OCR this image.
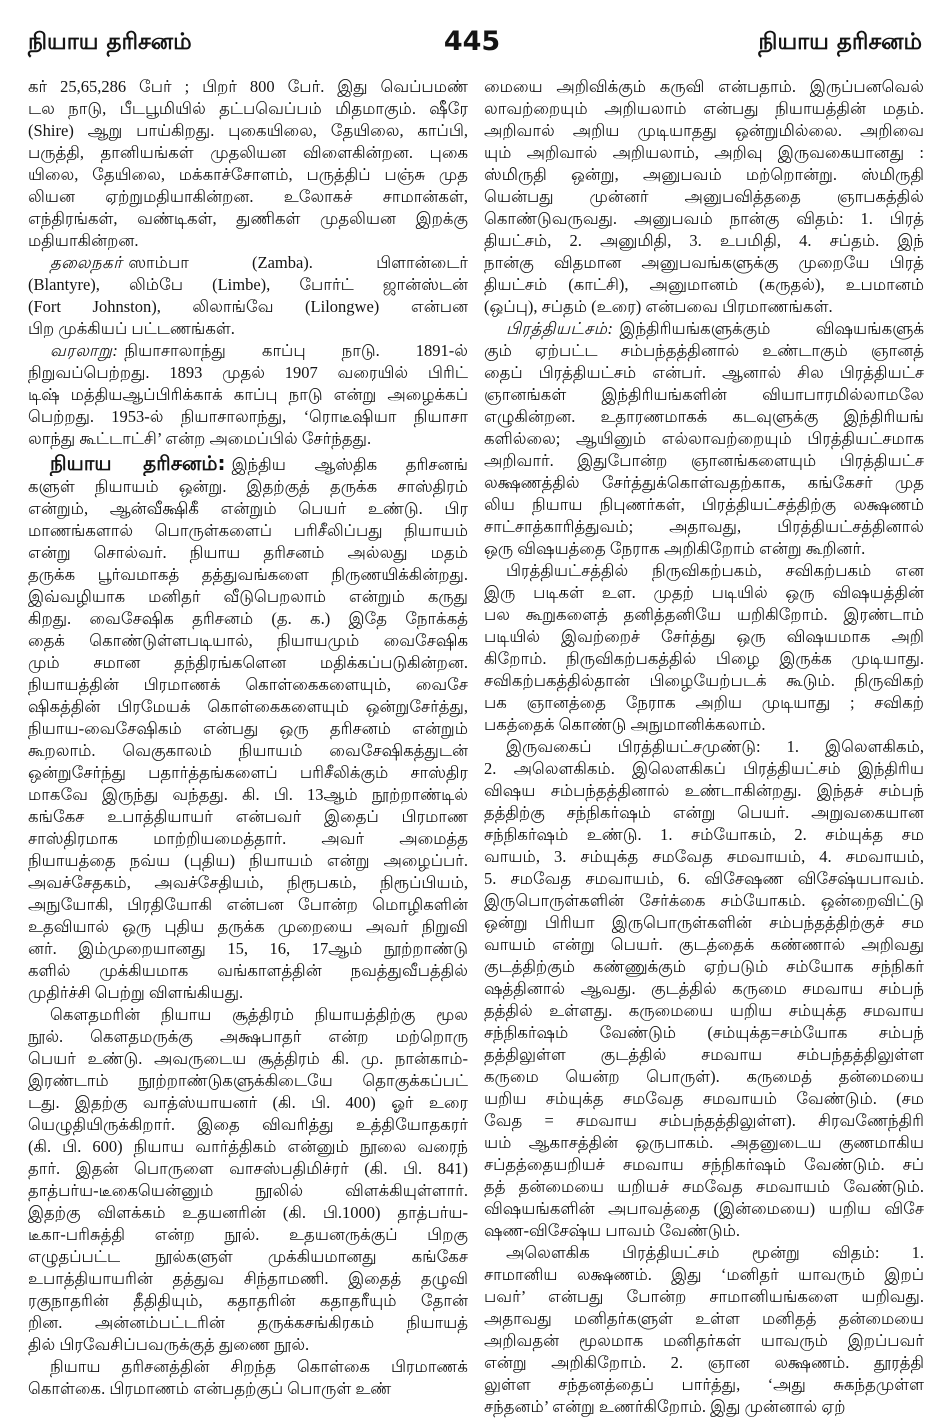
நியாய தரிசனம்	445	நியாய தரிசனம்
கர் 25,65,286 பேர் ; பிறர் 800 பேர். இது வெப்பமண்
டல நாடு, பீடபூமியில் தட்பவெப்பம் மிதமாகும். ஷீரே
(Shire) ஆறு பாய்கிறது. புகையிலை, தேயிலை, காப்பி,
பருத்தி, தானியங்கள் முதலியன விளைகின்றன. புகை
யிலை, தேயிலை, மக்காச்சோளம், பருத்திப் பஞ்சு முத
லியன ஏற்றுமதியாகின்றன. உலோகச் சாமான்கள்,
எந்திரங்கள், வண்டிகள், துணிகள் முதலியன இறக்கு
மதியாகின்றன.
தலைநகர் ஸாம்பா (Zamba). பிளான்டைர்
(Blantyre), லிம்பே (Limbe), போர்ட் ஜான்ஸ்டன்
(Fort Johnston), லிலாங்வே (Lilongwe) என்பன
பிற முக்கியப் பட்டணங்கள்.
வரலாறு: நியாசாலாந்து காப்பு நாடு. 1891-ல்
நிறுவப்பெற்றது. 1893 முதல் 1907 வரையில் பிரிட்
டிஷ் மத்தியஆப்பிரிக்காக் காப்பு நாடு என்று அழைக்கப்
பெற்றது. 1953-ல் நியாசாலாந்து, ‘ரொடீஷியா நியாசா
லாந்து கூட்டாட்சி’ என்ற அமைப்பில் சேர்ந்தது.
நியாய தரிசனம்: இந்திய ஆஸ்திக தரிசனங்
களுள் நியாயம் ஒன்று. இதற்குத் தருக்க சாஸ்திரம்
என்றும், ஆன்வீக்ஷிகீ என்றும் பெயர் உண்டு. பிர
மாணங்களால் பொருள்களைப் பரிசீலிப்பது நியாயம்
என்று சொல்வர். நியாய தரிசனம் அல்லது மதம்
தருக்க பூர்வமாகத் தத்துவங்களை நிருணயிக்கின்றது.
இவ்வழியாக மனிதர் வீடுபெறலாம் என்றும் கருது
கிறது. வைசேஷிக தரிசனம் (த. க.) இதே நோக்கத்
தைக் கொண்டுள்ளபடியால், நியாயமும் வைசேஷிக
மும் சமான தந்திரங்களென மதிக்கப்படுகின்றன.
நியாயத்தின் பிரமாணக் கொள்கைகளையும், வைசே
ஷிகத்தின் பிரமேயக் கொள்கைகளையும் ஒன்றுசேர்த்து,
நியாய-வைசேஷிகம் என்பது ஒரு தரிசனம் என்றும்
கூறலாம். வெகுகாலம் நியாயம் வைசேஷிகத்துடன்
ஒன்றுசேர்ந்து பதார்த்தங்களைப் பரிசீலிக்கும் சாஸ்திர
மாகவே இருந்து வந்தது. கி. பி. 13ஆம் நூற்றாண்டில்
கங்கேச உபாத்தியாயர் என்பவர் இதைப் பிரமாண
சாஸ்திரமாக மாற்றியமைத்தார். அவர் அமைத்த
நியாயத்தை நவ்ய (புதிய) நியாயம் என்று அழைப்பர்.
அவச்சேதகம், அவச்சேதியம், நிரூபகம், நிரூப்பியம்,
அநுயோகி, பிரதியோகி என்பன போன்ற மொழிகளின்
உதவியால் ஒரு புதிய தருக்க முறையை அவர் நிறுவி
னர். இம்முறையானது 15, 16, 17ஆம் நூற்றாண்டு
களில் முக்கியமாக வங்காளத்தின் நவத்துவீபத்தில்
முதிர்ச்சி பெற்று விளங்கியது.
கௌதமரின் நியாய சூத்திரம் நியாயத்திற்கு மூல
நூல். கௌதமருக்கு அக்ஷபாதர் என்ற மற்றொரு
பெயர் உண்டு. அவருடைய சூத்திரம் கி. மு. நான்காம்-
இரண்டாம் நூற்றாண்டுகளுக்கிடையே தொகுக்கப்பட்
டது. இதற்கு வாத்ஸ்யாயனர் (கி. பி. 400) ஓர் உரை
யெழுதியிருக்கிறார். இதை விவரித்து உத்தியோதகரர்
(கி. பி. 600) நியாய வார்த்திகம் என்னும் நூலை வரைந்
தார். இதன் பொருளை வாசஸ்பதிமிச்ரர் (கி. பி. 841)
தாத்பர்ய-டீகையென்னும் நூலில் விளக்கியுள்ளார்.
இதற்கு விளக்கம் உதயனரின் (கி. பி.1000) தாத்பர்ய-
டீகா-பரிசுத்தி என்ற நூல். உதயனருக்குப் பிறகு
எழுதப்பட்ட நூல்களுள் முக்கியமானது கங்கேச
உபாத்தியாயரின் தத்துவ சிந்தாமணி. இதைத் தழுவி
ரகுநாதரின் தீதிதியும், கதாதரின் கதாதரீயும் தோன்
றின. அன்னம்பட்டரின் தருக்கசங்கிரகம் நியாயத்
தில் பிரவேசிப்பவருக்குத் துணை நூல்.
நியாய தரிசனத்தின் சிறந்த கொள்கை பிரமாணக்
கொள்கை. பிரமாணம் என்பதற்குப் பொருள் உண்
மையை அறிவிக்கும் கருவி என்பதாம். இருப்பனவெல்
லாவற்றையும் அறியலாம் என்பது நியாயத்தின் மதம்.
அறிவால் அறிய முடியாதது ஒன்றுமில்லை. அறிவை
யும் அறிவால் அறியலாம், அறிவு இருவகையானது :
ஸ்மிருதி ஒன்று, அனுபவம் மற்றொன்று. ஸ்மிருதி
யென்பது முன்னர் அனுபவித்ததை ஞாபகத்தில்
கொண்டுவருவது. அனுபவம் நான்கு விதம்: 1. பிரத்
தியட்சம், 2. அனுமிதி, 3. உபமிதி, 4. சப்தம். இந்
நான்கு விதமான அனுபவங்களுக்கு முறையே பிரத்
தியட்சம் (காட்சி), அனுமானம் (கருதல்), உபமானம்
(ஒப்பு), சப்தம் (உரை) என்பவை பிரமாணங்கள்.
பிரத்தியட்சம்: இந்திரியங்களுக்கும் விஷயங்களுக்
கும் ஏற்பட்ட சம்பந்தத்தினால் உண்டாகும் ஞானத்
தைப் பிரத்தியட்சம் என்பர். ஆனால் சில பிரத்தியட்ச
ஞானங்கள் இந்திரியங்களின் வியாபாரமில்லாமலே
எழுகின்றன. உதாரணமாகக் கடவுளுக்கு இந்திரியங்
களில்லை; ஆயினும் எல்லாவற்றையும் பிரத்தியட்சமாக
அறிவார். இதுபோன்ற ஞானங்களையும் பிரத்தியட்ச
லக்ஷணத்தில் சேர்த்துக்கொள்வதற்காக, கங்கேசர் முத
லிய நியாய நிபுணர்கள், பிரத்தியட்சத்திற்கு லக்ஷணம்
சாட்சாத்காரித்துவம்; அதாவது, பிரத்தியட்சத்தினால்
ஒரு விஷயத்தை நேராக அறிகிறோம் என்று கூறினர்.
பிரத்தியட்சத்தில் நிருவிகற்பகம், சவிகற்பகம் என
இரு படிகள் உள. முதற் படியில் ஒரு விஷயத்தின்
பல கூறுகளைத் தனித்தனியே யறிகிறோம். இரண்டாம்
படியில் இவற்றைச் சேர்த்து ஒரு விஷயமாக அறி
கிறோம். நிருவிகற்பகத்தில் பிழை இருக்க முடியாது.
சவிகற்பகத்தில்தான் பிழையேற்படக் கூடும். நிருவிகற்
பக ஞானத்தை நேராக அறிய முடியாது ; சவிகற்
பகத்தைக் கொண்டு அநுமானிக்கலாம்.
இருவகைப் பிரத்தியட்சமுண்டு: 1. இலௌகிகம்,
2. அலௌகிகம். இலௌகிகப் பிரத்தியட்சம் இந்திரிய
விஷய சம்பந்தத்தினால் உண்டாகின்றது. இந்தச் சம்பந்
தத்திற்கு சந்நிகர்ஷம் என்று பெயர். அறுவகையான
சந்நிகர்ஷம் உண்டு. 1. சம்யோகம், 2. சம்யுக்த சம
வாயம், 3. சம்யுக்த சமவேத சமவாயம், 4. சமவாயம்,
5. சமவேத சமவாயம், 6. விசேஷண விசேஷ்யபாவம்.
இருபொருள்களின் சேர்க்கை சம்யோகம். ஒன்றைவிட்டு
ஒன்று பிரியா இருபொருள்களின் சம்பந்தத்திற்குச் சம
வாயம் என்று பெயர். குடத்தைக் கண்ணால் அறிவது
குடத்திற்கும் கண்ணுக்கும் ஏற்படும் சம்யோக சந்நிகர்
ஷத்தினால் ஆவது. குடத்தில் கருமை சமவாய சம்பந்
தத்தில் உள்ளது. கருமையை யறிய சம்யுக்த சமவாய
சந்நிகர்ஷம் வேண்டும் (சம்யுக்த=சம்யோக சம்பந்
தத்திலுள்ள குடத்தில் சமவாய சம்பந்தத்திலுள்ள
கருமை யென்ற பொருள்). கருமைத் தன்மையை
யறிய சம்யுக்த சமவேத சமவாயம் வேண்டும். (சம
வேத = சமவாய சம்பந்தத்திலுள்ள). சிரவணேந்திரி
யம் ஆகாசத்தின் ஒருபாகம். அதனுடைய குணமாகிய
சப்தத்தையறியச் சமவாய சந்நிகர்ஷம் வேண்டும். சப்
தத் தன்மையை யறியச் சமவேத சமவாயம் வேண்டும்.
விஷயங்களின் அபாவத்தை (இன்மையை) யறிய விசே
ஷண-விசேஷ்ய பாவம் வேண்டும்.
அலௌகிக பிரத்தியட்சம் மூன்று விதம்: 1.
சாமானிய லக்ஷணம். இது ‘மனிதர் யாவரும் இறப்
பவர்’ என்பது போன்ற சாமானியங்களை யறிவது.
அதாவது மனிதர்களுள் உள்ள மனிதத் தன்மையை
அறிவதன் மூலமாக மனிதர்கள் யாவரும் இறப்பவர்
என்று அறிகிறோம். 2. ஞான லக்ஷணம். தூரத்தி
லுள்ள சந்தனத்தைப் பார்த்து, ‘அது சுகந்தமுள்ள
சந்தனம்’ என்று உணர்கிறோம். இது முன்னால் ஏற்
